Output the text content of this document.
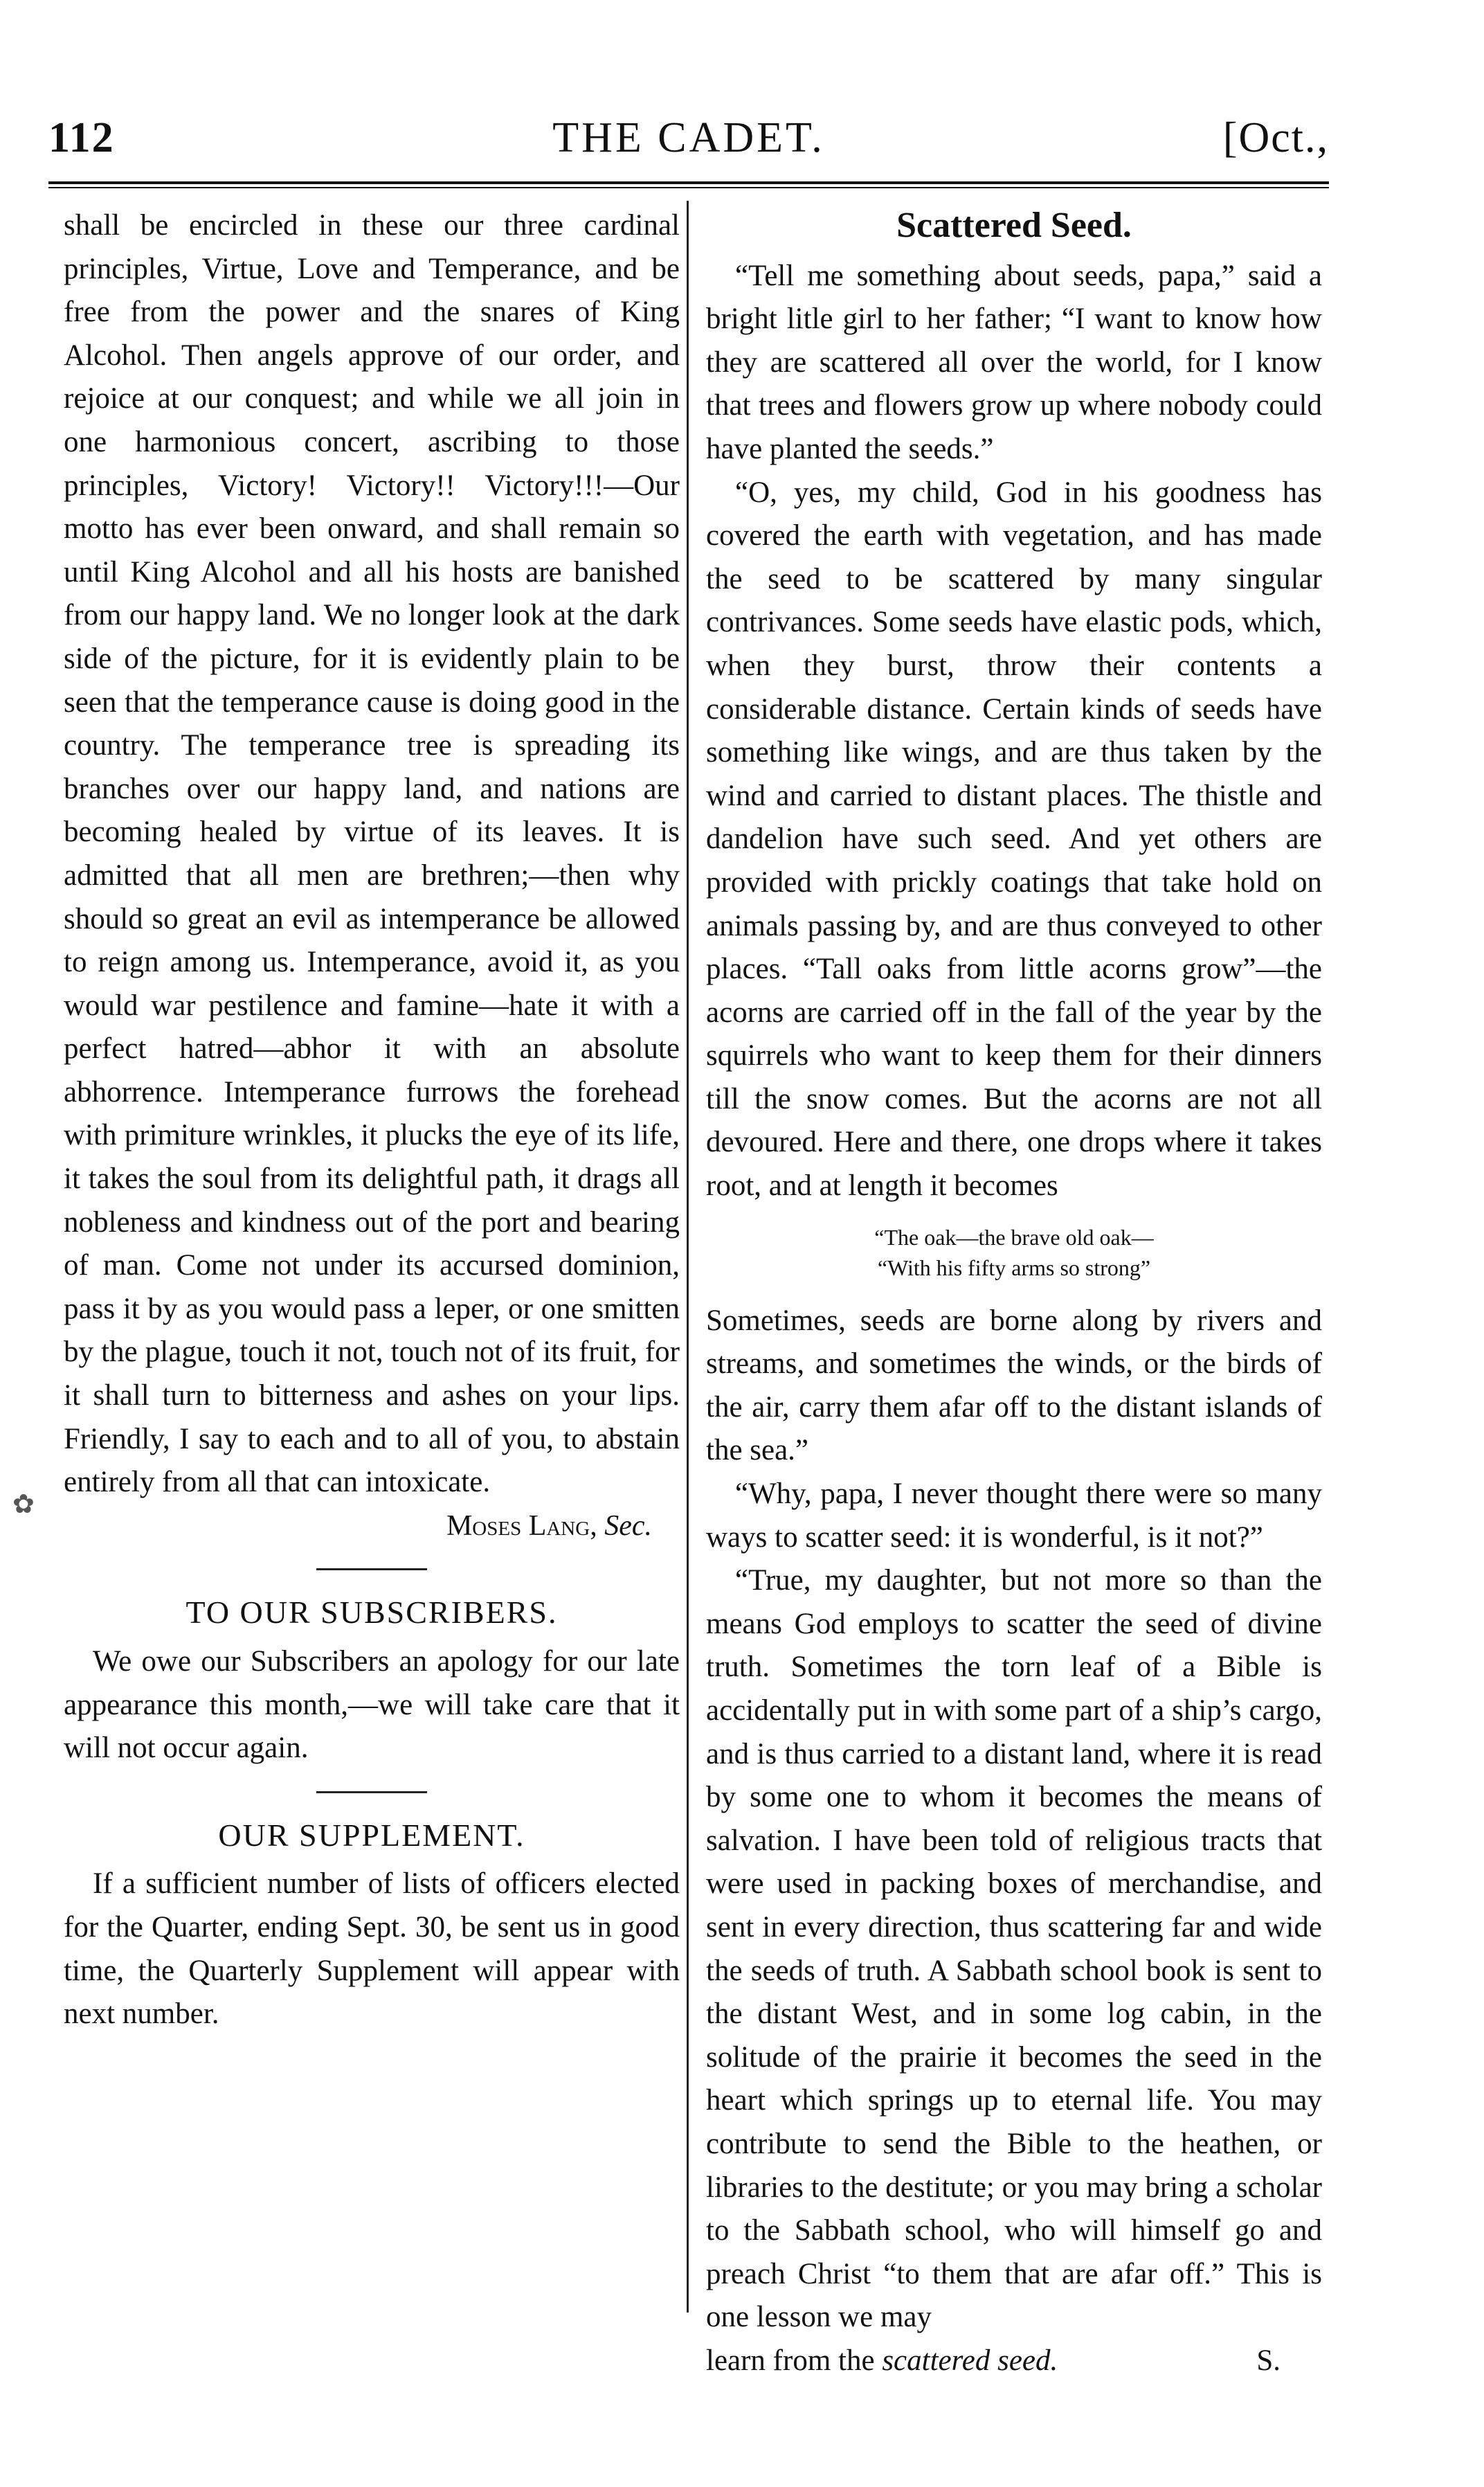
112	THE CADET.	[Oct.,
✿

shall be encircled in these our three cardinal principles, Virtue, Love and Temperance, and be free from the power and the snares of King Alcohol. Then angels approve of our order, and rejoice at our conquest; and while we all join in one harmonious concert, ascribing to those principles, Victory! Victory!! Victory!!!—Our motto has ever been onward, and shall remain so until King Alcohol and all his hosts are banished from our happy land. We no longer look at the dark side of the picture, for it is evidently plain to be seen that the temperance cause is doing good in the country. The temperance tree is spreading its branches over our happy land, and nations are becoming healed by virtue of its leaves. It is admitted that all men are brethren;—then why should so great an evil as intemperance be allowed to reign among us. Intemperance, avoid it, as you would war pestilence and famine—hate it with a perfect hatred—abhor it with an absolute abhorrence. Intemperance furrows the forehead with primiture wrinkles, it plucks the eye of its life, it takes the soul from its delightful path, it drags all nobleness and kindness out of the port and bearing of man. Come not under its accursed dominion, pass it by as you would pass a leper, or one smitten by the plague, touch it not, touch not of its fruit, for it shall turn to bitterness and ashes on your lips. Friendly, I say to each and to all of you, to abstain entirely from all that can intoxicate.

Moses Lang, Sec.
TO OUR SUBSCRIBERS.

We owe our Subscribers an apology for our late appearance this month,—we will take care that it will not occur again.

OUR SUPPLEMENT.

If a sufficient number of lists of officers elected for the Quarter, ending Sept. 30, be sent us in good time, the Quarterly Supplement will appear with next number.

Scattered Seed.

“Tell me something about seeds, papa,” said a bright litle girl to her father; “I want to know how they are scattered all over the world, for I know that trees and flowers grow up where nobody could have planted the seeds.”

“O, yes, my child, God in his goodness has covered the earth with vegetation, and has made the seed to be scattered by many singular contrivances. Some seeds have elastic pods, which, when they burst, throw their contents a considerable distance. Certain kinds of seeds have something like wings, and are thus taken by the wind and carried to distant places. The thistle and dandelion have such seed. And yet others are provided with prickly coatings that take hold on animals passing by, and are thus conveyed to other places. “Tall oaks from little acorns grow”—the acorns are carried off in the fall of the year by the squirrels who want to keep them for their dinners till the snow comes. But the acorns are not all devoured. Here and there, one drops where it takes root, and at length it becomes

“The oak—the brave old oak—
“With his fifty arms so strong”

Sometimes, seeds are borne along by rivers and streams, and sometimes the winds, or the birds of the air, carry them afar off to the distant islands of the sea.”

“Why, papa, I never thought there were so many ways to scatter seed: it is wonderful, is it not?”

“True, my daughter, but not more so than the means God employs to scatter the seed of divine truth. Sometimes the torn leaf of a Bible is accidentally put in with some part of a ship’s cargo, and is thus carried to a distant land, where it is read by some one to whom it becomes the means of salvation. I have been told of religious tracts that were used in packing boxes of merchandise, and sent in every direction, thus scattering far and wide the seeds of truth. A Sabbath school book is sent to the distant West, and in some log cabin, in the solitude of the prairie it becomes the seed in the heart which springs up to eternal life. You may contribute to send the Bible to the heathen, or libraries to the destitute; or you may bring a scholar to the Sabbath school, who will himself go and preach Christ “to them that are afar off.” This is one lesson we may

learn from the scattered seed.	S.
